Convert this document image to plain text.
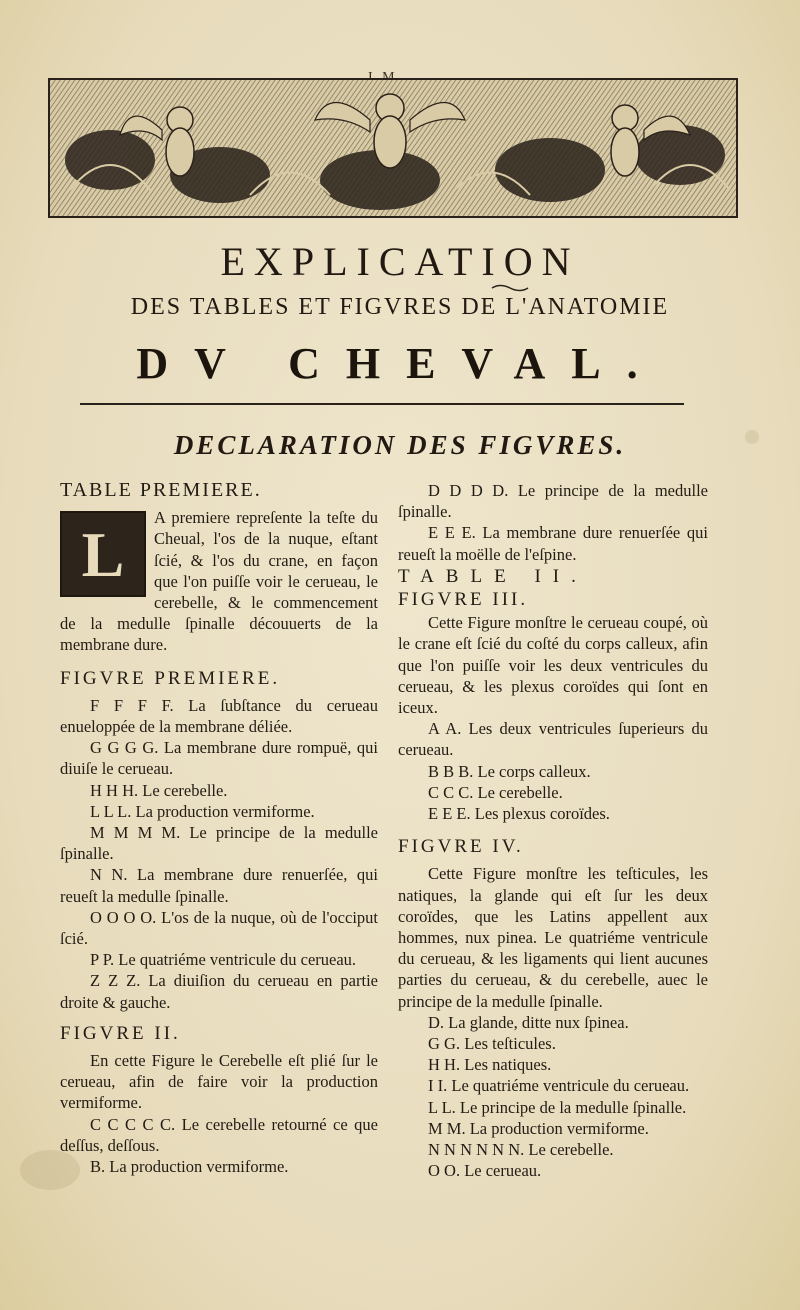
EXPLICATION
DES TABLES ET FIGVRES DE L'ANATOMIE
DV CHEVAL.
DECLARATION DES FIGVRES.

TABLE PREMIERE.

L
A premiere repreſente la teſte du Cheual, l'os de la nuque, eſtant ſcié, & l'os du crane, en façon que l'on puiſſe voir le cerueau, le cerebelle, & le commencement de la medulle ſpinalle découuerts de la membrane dure.

FIGVRE PREMIERE.

F F F F. La ſubſtance du cerueau enueloppée de la membrane déliée.

G G G G. La membrane dure rompuë, qui diuiſe le cerueau.

H H H. Le cerebelle.

L L L. La production vermiforme.

M M M M. Le principe de la medulle ſpinalle.

N N. La membrane dure renuerſée, qui reueſt la medulle ſpinalle.

O O O O. L'os de la nuque, où de l'occiput ſcié.

P P. Le quatriéme ventricule du cerueau.

Z Z Z. La diuiſion du cerueau en partie droite & gauche.

FIGVRE II.

En cette Figure le Cerebelle eſt plié ſur le cerueau, afin de faire voir la production vermiforme.

C C C C C. Le cerebelle retourné ce que deſſus, deſſous.

B. La production vermiforme.

D D D D. Le principe de la medulle ſpinalle.

E E E. La membrane dure renuerſée qui reueſt la moëlle de l'eſpine.

TABLE II.

FIGVRE III.

Cette Figure monſtre le cerueau coupé, où le crane eſt ſcié du coſté du corps calleux, afin que l'on puiſſe voir les deux ventricules du cerueau, & les plexus coroïdes qui ſont en iceux.

A A. Les deux ventricules ſuperieurs du cerueau.

B B B. Le corps calleux.

C C C. Le cerebelle.

E E E. Les plexus coroïdes.

FIGVRE IV.

Cette Figure monſtre les teſticules, les natiques, la glande qui eſt ſur les deux coroïdes, que les Latins appellent aux hommes, nux pinea. Le quatriéme ventricule du cerueau, & les ligaments qui lient aucunes parties du cerueau, & du cerebelle, auec le principe de la medulle ſpinalle.

D. La glande, ditte nux ſpinea.

G G. Les teſticules.

H H. Les natiques.

I I. Le quatriéme ventricule du cerueau.

L L. Le principe de la medulle ſpinalle.

M M. La production vermiforme.

N N N N N N. Le cerebelle.

O O. Le cerueau.
